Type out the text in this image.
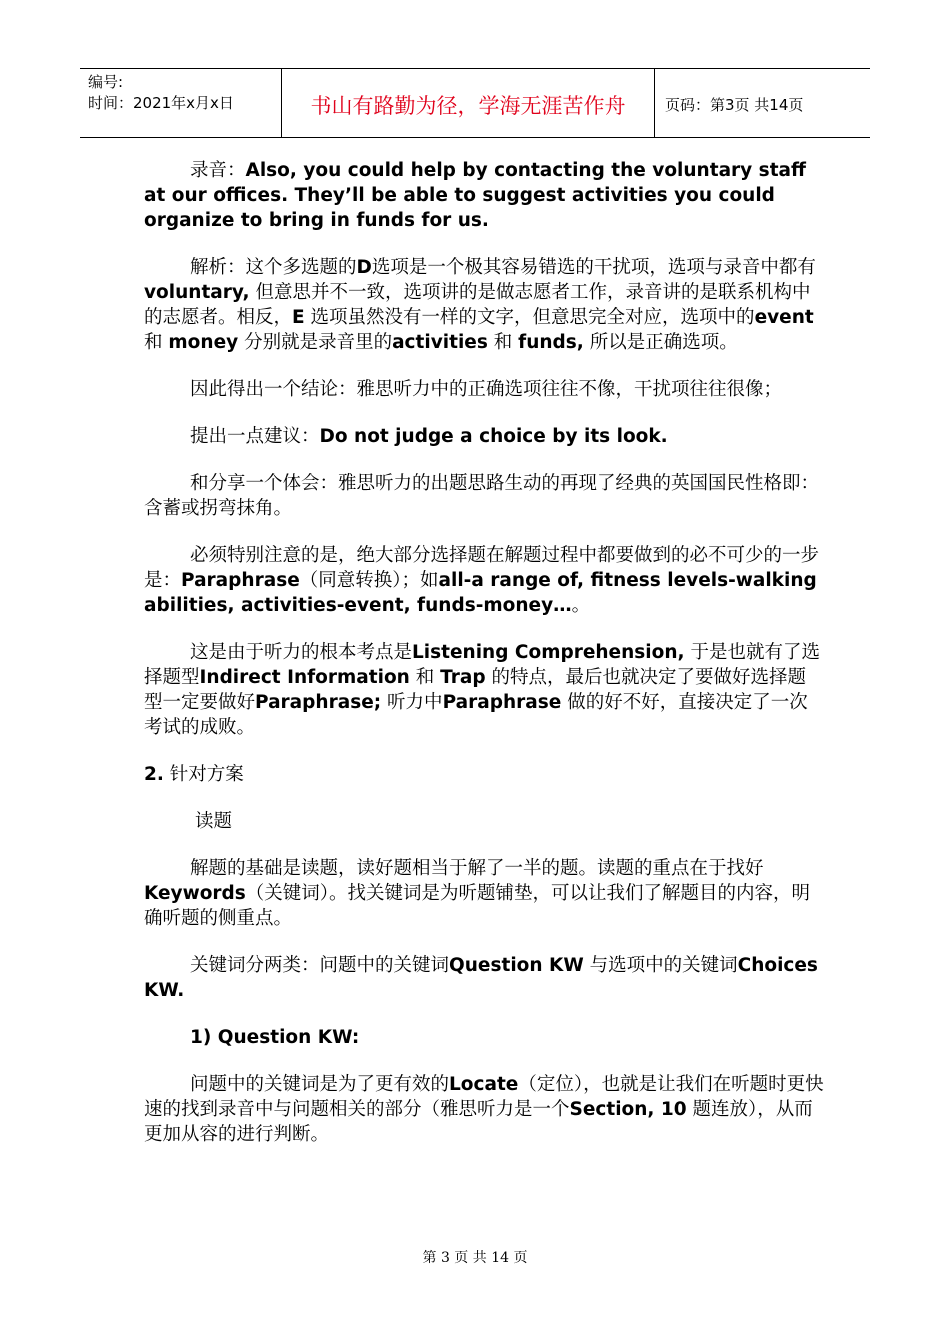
编号:
时间：2021年x月x日	书山有路勤为径，学海无涯苦作舟	页码：第3页 共14页

录音：Also, you could help by contacting the voluntary staff at our offices. They’ll be able to suggest activities you could organize to bring in funds for us.

解析：这个多选题的D选项是一个极其容易错选的干扰项，选项与录音中都有voluntary, 但意思并不一致，选项讲的是做志愿者工作，录音讲的是联系机构中的志愿者。相反，E 选项虽然没有一样的文字，但意思完全对应，选项中的event 和 money 分别就是录音里的activities 和 funds, 所以是正确选项。

因此得出一个结论：雅思听力中的正确选项往往不像，干扰项往往很像；

提出一点建议：Do not judge a choice by its look.

和分享一个体会：雅思听力的出题思路生动的再现了经典的英国国民性格即：含蓄或拐弯抹角。

必须特别注意的是，绝大部分选择题在解题过程中都要做到的必不可少的一步是：Paraphrase（同意转换）；如all-a range of, fitness levels-walking abilities, activities-event, funds-money…。

这是由于听力的根本考点是Listening Comprehension, 于是也就有了选择题型Indirect Information 和 Trap 的特点，最后也就决定了要做好选择题型一定要做好Paraphrase; 听力中Paraphrase 做的好不好，直接决定了一次考试的成败。

2. 针对方案

读题

解题的基础是读题，读好题相当于解了一半的题。读题的重点在于找好Keywords（关键词）。找关键词是为听题铺垫，可以让我们了解题目的内容，明确听题的侧重点。

关键词分两类：问题中的关键词Question KW 与选项中的关键词Choices KW.

1) Question KW:

问题中的关键词是为了更有效的Locate（定位），也就是让我们在听题时更快速的找到录音中与问题相关的部分（雅思听力是一个Section, 10 题连放），从而更加从容的进行判断。

第 3 页 共 14 页
